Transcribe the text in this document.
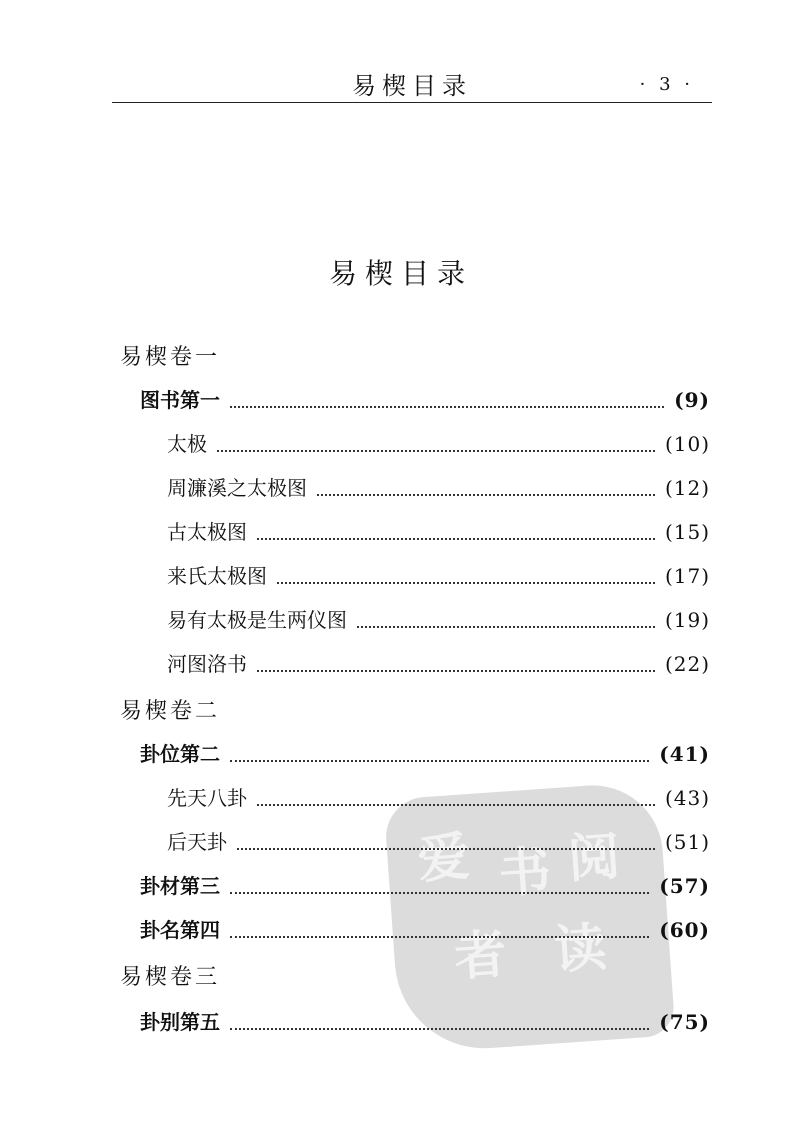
易楔目录	· 3 ·
易楔目录
爱 书
者
阅
读
易楔卷一
图书第一	(9)
太极	(10)
周濂溪之太极图	(12)
古太极图	(15)
来氏太极图	(17)
易有太极是生两仪图	(19)
河图洛书	(22)
易楔卷二
卦位第二	(41)
先天八卦	(43)
后天卦	(51)
卦材第三	(57)
卦名第四	(60)
易楔卷三
卦别第五	(75)
